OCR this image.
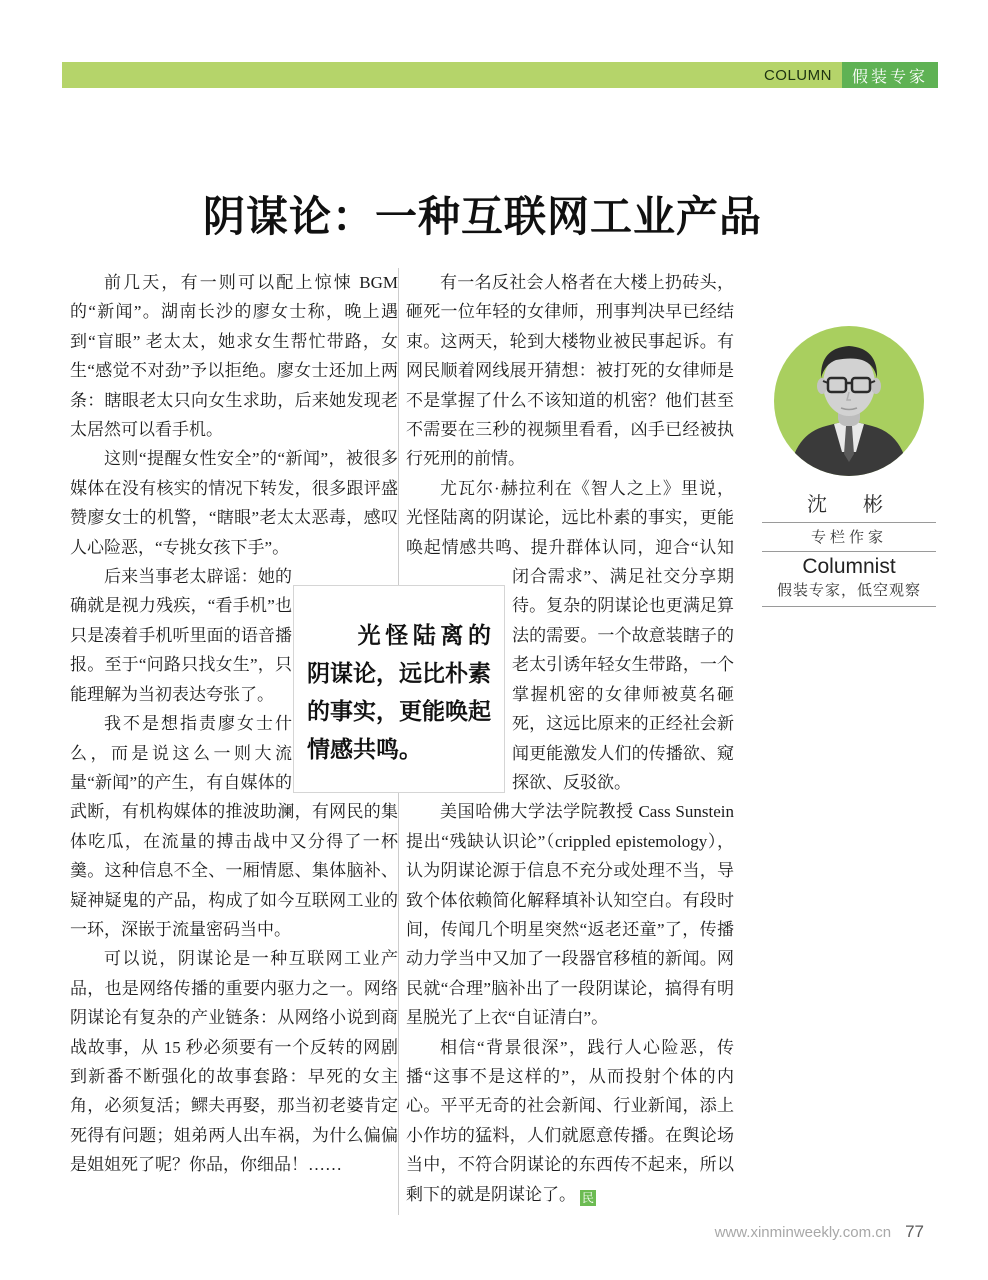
COLUMN	假装专家
阴谋论：一种互联网工业产品

前几天，有一则可以配上惊悚 BGM 的“新闻”。湖南长沙的廖女士称，晚上遇到“盲眼” 老太太，她求女生帮忙带路，女生“感觉不对劲”予以拒绝。廖女士还加上两条：瞎眼老太只向女生求助，后来她发现老太居然可以看手机。

这则“提醒女性安全”的“新闻”，被很多媒体在没有核实的情况下转发，很多跟评盛赞廖女士的机警，“瞎眼”老太太恶毒，感叹人心险恶，“专挑女孩下手”。

后来当事老太辟谣：她的确就是视力残疾，“看手机”也只是凑着手机听里面的语音播报。至于“问路只找女生”，只能理解为当初表达夸张了。

我不是想指责廖女士什么，而是说这么一则大流量“新闻”的产生，有自媒体的武断，有机构媒体的推波助澜，有网民的集体吃瓜，在流量的搏击战中又分得了一杯羹。这种信息不全、一厢情愿、集体脑补、疑神疑鬼的产品，构成了如今互联网工业的一环，深嵌于流量密码当中。

可以说，阴谋论是一种互联网工业产品，也是网络传播的重要内驱力之一。网络阴谋论有复杂的产业链条：从网络小说到商战故事，从 15 秒必须要有一个反转的网剧到新番不断强化的故事套路：早死的女主角，必须复活；鳏夫再娶，那当初老婆肯定死得有问题；姐弟两人出车祸，为什么偏偏是姐姐死了呢？你品，你细品！……

有一名反社会人格者在大楼上扔砖头，砸死一位年轻的女律师，刑事判决早已经结束。这两天，轮到大楼物业被民事起诉。有网民顺着网线展开猜想：被打死的女律师是不是掌握了什么不该知道的机密？他们甚至不需要在三秒的视频里看看，凶手已经被执行死刑的前情。

尤瓦尔·赫拉利在《智人之上》里说，光怪陆离的阴谋论，远比朴素的事实，更能唤起情感共鸣、提升群体认同，迎合“认知闭合需求”、满足社交分享期待。复杂的阴谋论也更满足算法的需要。一个故意装瞎子的老太引诱年轻女生带路，一个掌握机密的女律师被莫名砸死，这远比原来的正经社会新闻更能激发人们的传播欲、窥探欲、反驳欲。

美国哈佛大学法学院教授 Cass Sunstein 提出“残缺认识论”（crippled epistemology），认为阴谋论源于信息不充分或处理不当，导致个体依赖简化解释填补认知空白。有段时间，传闻几个明星突然“返老还童”了，传播动力学当中又加了一段器官移植的新闻。网民就“合理”脑补出了一段阴谋论，搞得有明星脱光了上衣“自证清白”。

相信“背景很深”，践行人心险恶，传播“这事不是这样的”，从而投射个体的内心。平平无奇的社会新闻、行业新闻，添上小作坊的猛料，人们就愿意传播。在舆论场当中，不符合阴谋论的东西传不起来，所以剩下的就是阴谋论了。 民

光怪陆离的阴谋论，远比朴素的事实，更能唤起情感共鸣。
沈　彬
专栏作家
Columnist
假装专家，低空观察
www.xinminweekly.com.cn 77
